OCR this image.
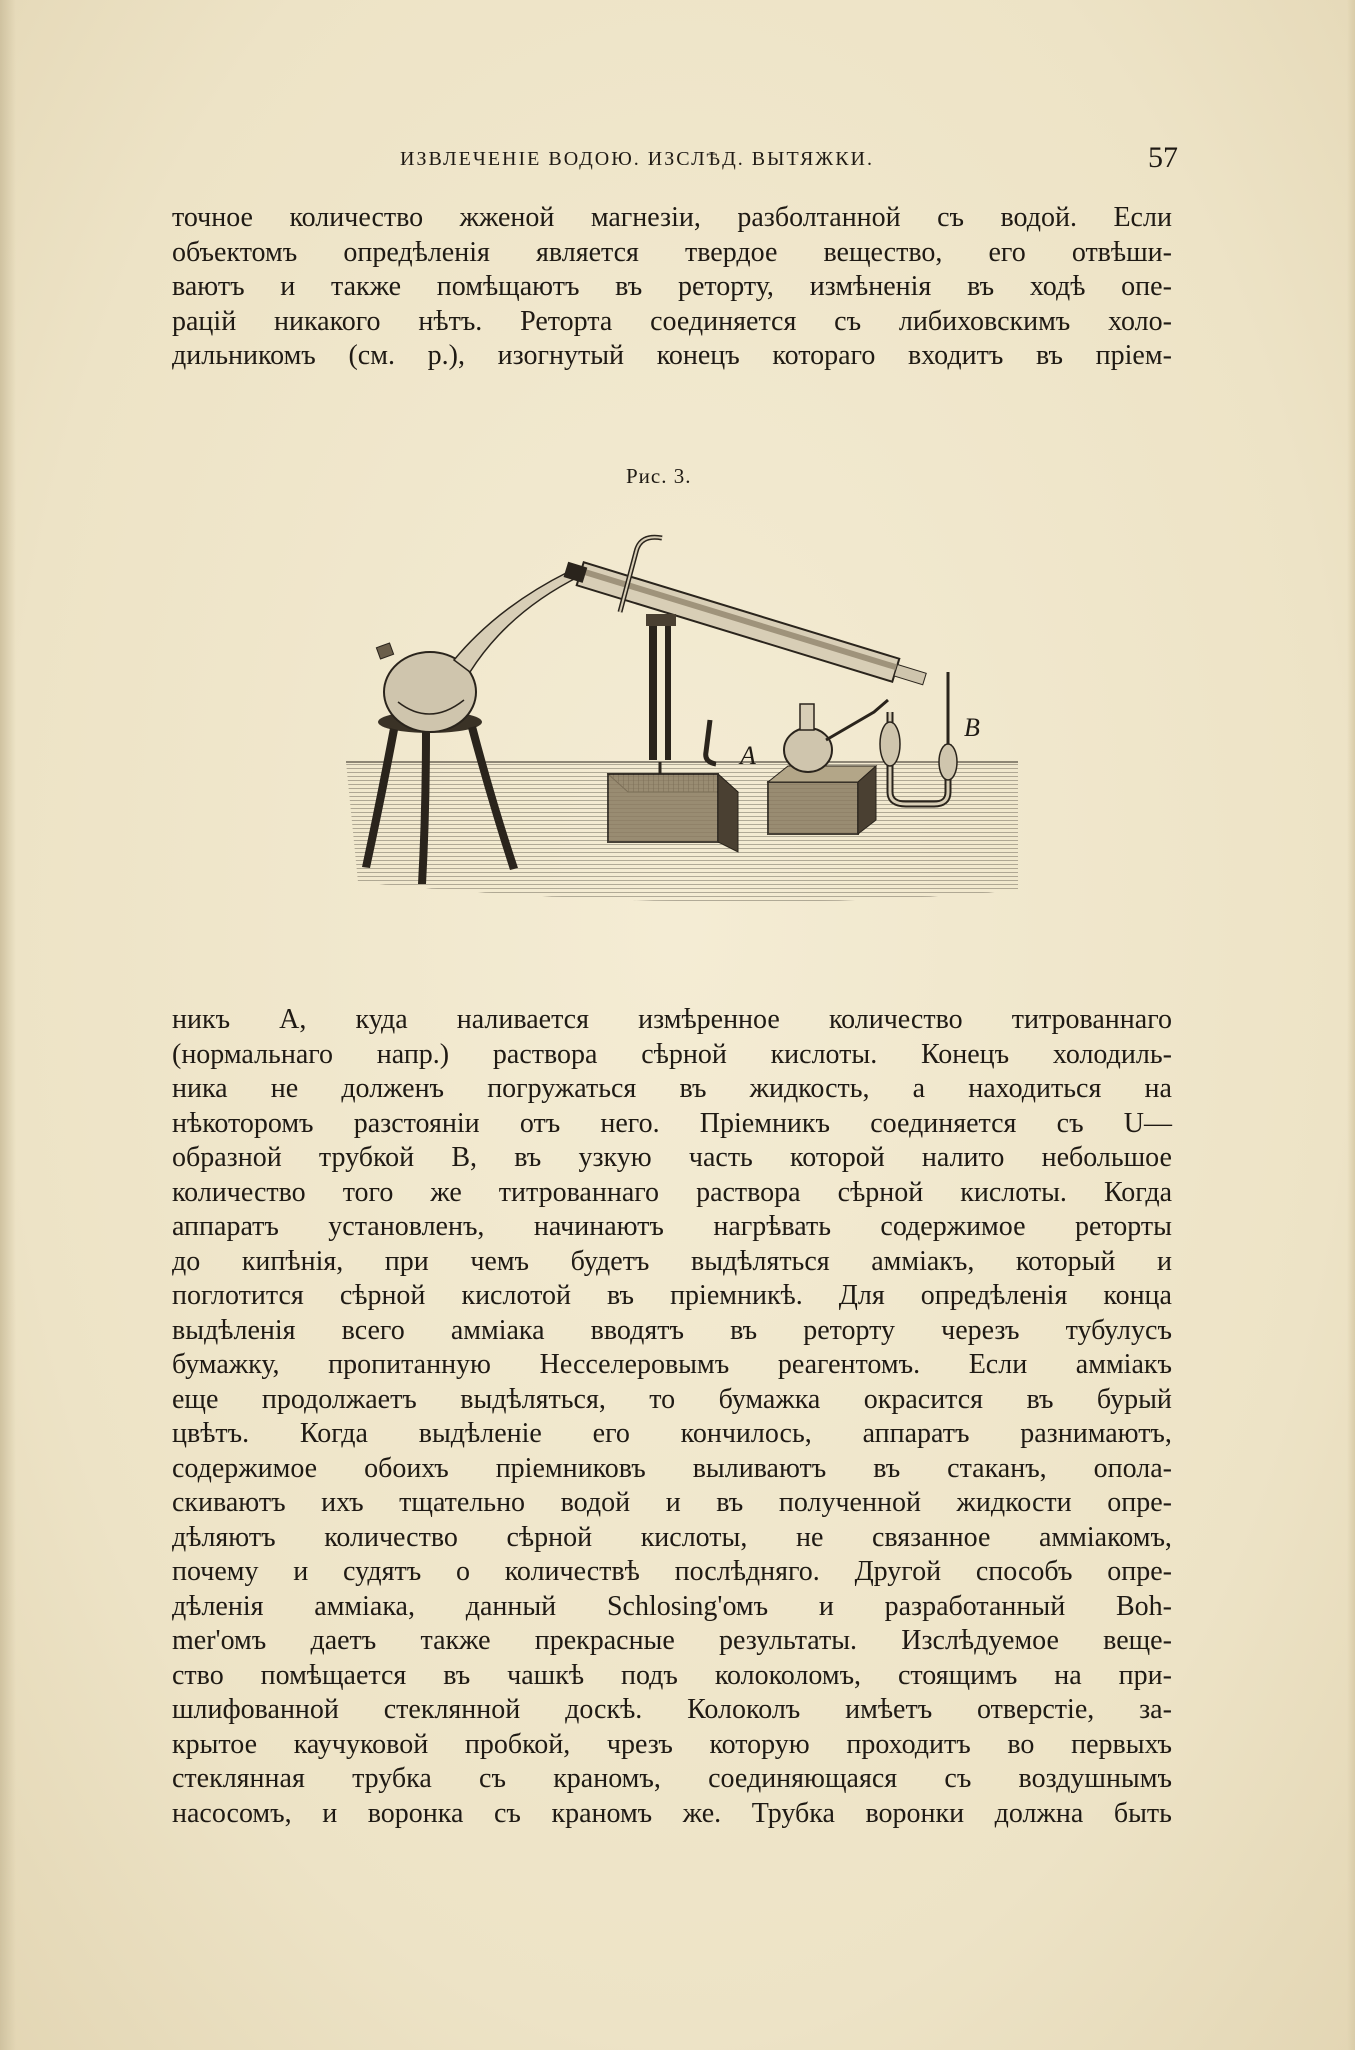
ИЗВЛЕЧЕНІЕ ВОДОЮ. ИЗСЛѢД. ВЫТЯЖКИ.	57
точное количество жженой магнезіи, разболтанной съ водой. Если
объектомъ опредѣленія является твердое вещество, его отвѣши-
ваютъ и также помѣщаютъ въ реторту, измѣненія въ ходѣ опе-
рацій никакого нѣтъ. Реторта соединяется съ либиховскимъ холо-
дильникомъ (см. р.), изогнутый конецъ котораго входитъ въ пріем-
Рис. 3.
A
B
никъ A, куда наливается измѣренное количество титрованнаго
(нормальнаго напр.) раствора сѣрной кислоты. Конецъ холодиль-
ника не долженъ погружаться въ жидкость, а находиться на
нѣкоторомъ разстояніи отъ него. Пріемникъ соединяется съ U—
образной трубкой B, въ узкую часть которой налито небольшое
количество того же титрованнаго раствора сѣрной кислоты. Когда
аппаратъ установленъ, начинаютъ нагрѣвать содержимое реторты
до кипѣнія, при чемъ будетъ выдѣляться амміакъ, который и
поглотится сѣрной кислотой въ пріемникѣ. Для опредѣленія конца
выдѣленія всего амміака вводятъ въ реторту черезъ тубулусъ
бумажку, пропитанную Несселеровымъ реагентомъ. Если амміакъ
еще продолжаетъ выдѣляться, то бумажка окрасится въ бурый
цвѣтъ. Когда выдѣленіе его кончилось, аппаратъ разнимаютъ,
содержимое обоихъ пріемниковъ выливаютъ въ стаканъ, опола-
скиваютъ ихъ тщательно водой и въ полученной жидкости опре-
дѣляютъ количество сѣрной кислоты, не связанное амміакомъ,
почему и судятъ о количествѣ послѣдняго. Другой способъ опре-
дѣленія амміака, данный Schlosing'омъ и разработанный Boh-
mer'омъ даетъ также прекрасные результаты. Изслѣдуемое веще-
ство помѣщается въ чашкѣ подъ колоколомъ, стоящимъ на при-
шлифованной стеклянной доскѣ. Колоколъ имѣетъ отверстіе, за-
крытое каучуковой пробкой, чрезъ которую проходитъ во первыхъ
стеклянная трубка съ краномъ, соединяющаяся съ воздушнымъ
насосомъ, и воронка съ краномъ же. Трубка воронки должна быть
